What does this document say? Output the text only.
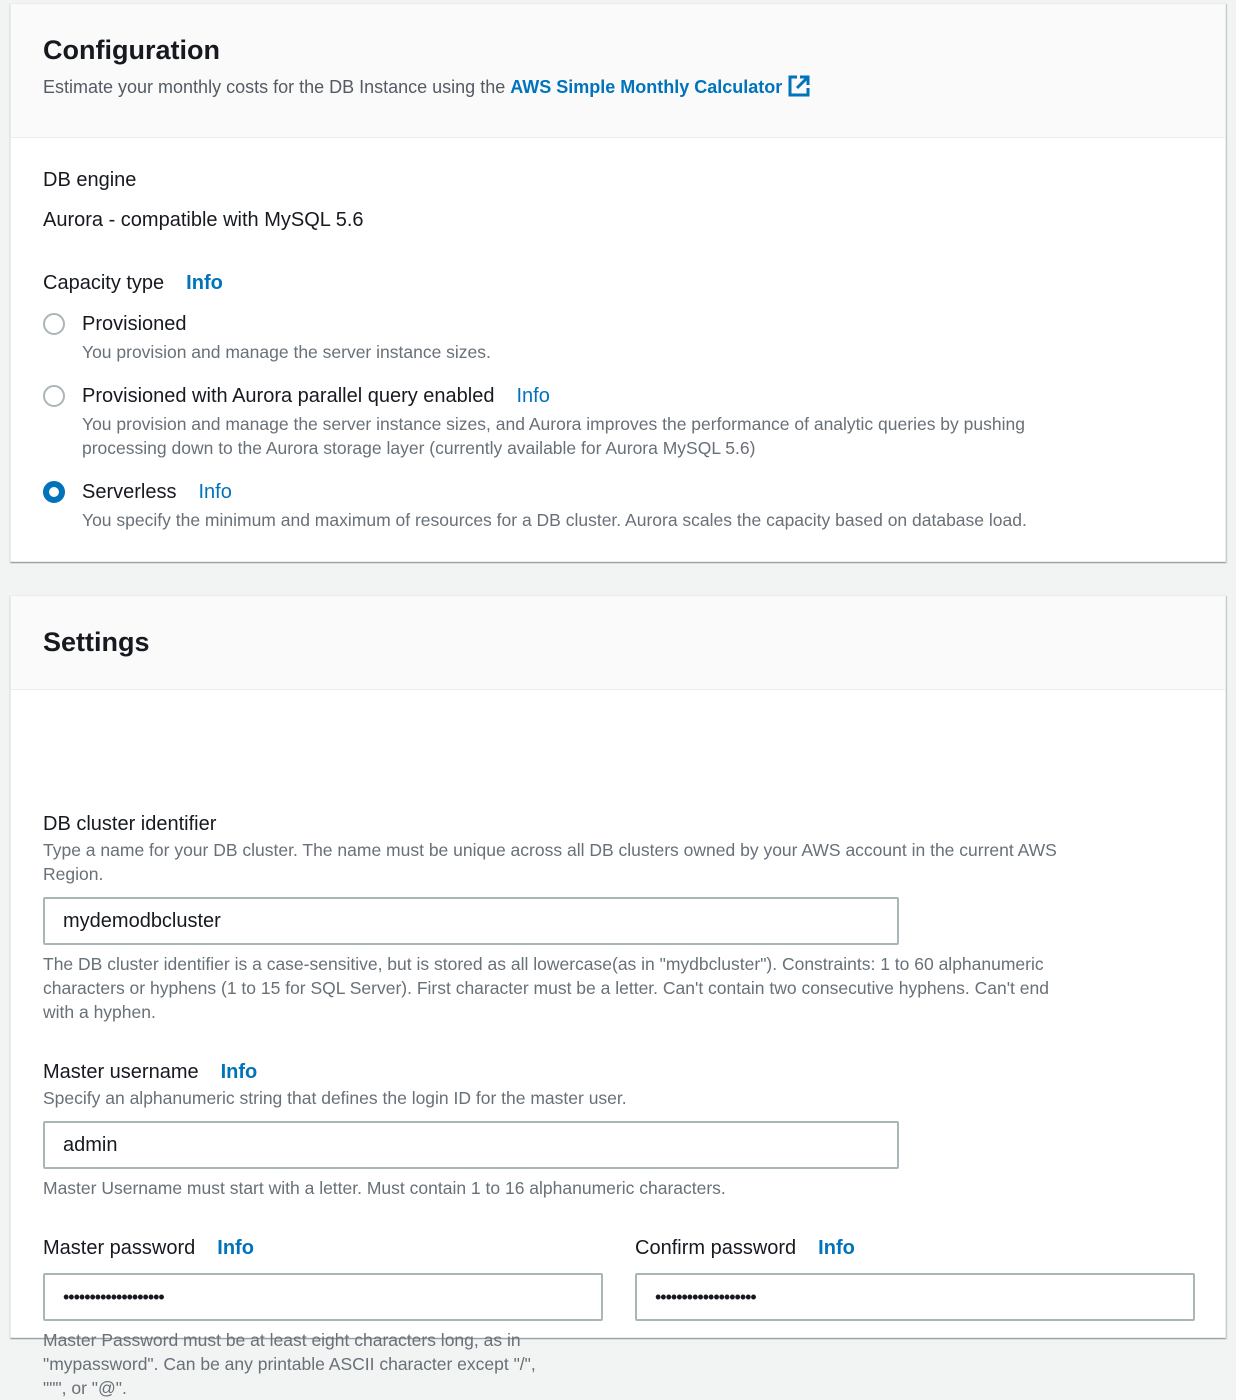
Configuration
Estimate your monthly costs for the DB Instance using the AWS Simple Monthly Calculator
DB engine
Aurora - compatible with MySQL 5.6
Capacity type Info
Provisioned
You provision and manage the server instance sizes.
Provisioned with Aurora parallel query enabled Info
You provision and manage the server instance sizes, and Aurora improves the performance of analytic queries by pushing
processing down to the Aurora storage layer (currently available for Aurora MySQL 5.6)
Serverless Info
You specify the minimum and maximum of resources for a DB cluster. Aurora scales the capacity based on database load.
Settings
DB cluster identifier
Type a name for your DB cluster. The name must be unique across all DB clusters owned by your AWS account in the current AWS
Region.
mydemodbcluster
The DB cluster identifier is a case-sensitive, but is stored as all lowercase(as in "mydbcluster"). Constraints: 1 to 60 alphanumeric
characters or hyphens (1 to 15 for SQL Server). First character must be a letter. Can't contain two consecutive hyphens. Can't end
with a hyphen.
Master username Info
Specify an alphanumeric string that defines the login ID for the master user.
admin
Master Username must start with a letter. Must contain 1 to 16 alphanumeric characters.
Master password Info
•••••••••••••••••••
Master Password must be at least eight characters long, as in
"mypassword". Can be any printable ASCII character except "/",
""", or "@".
Confirm password Info
•••••••••••••••••••
